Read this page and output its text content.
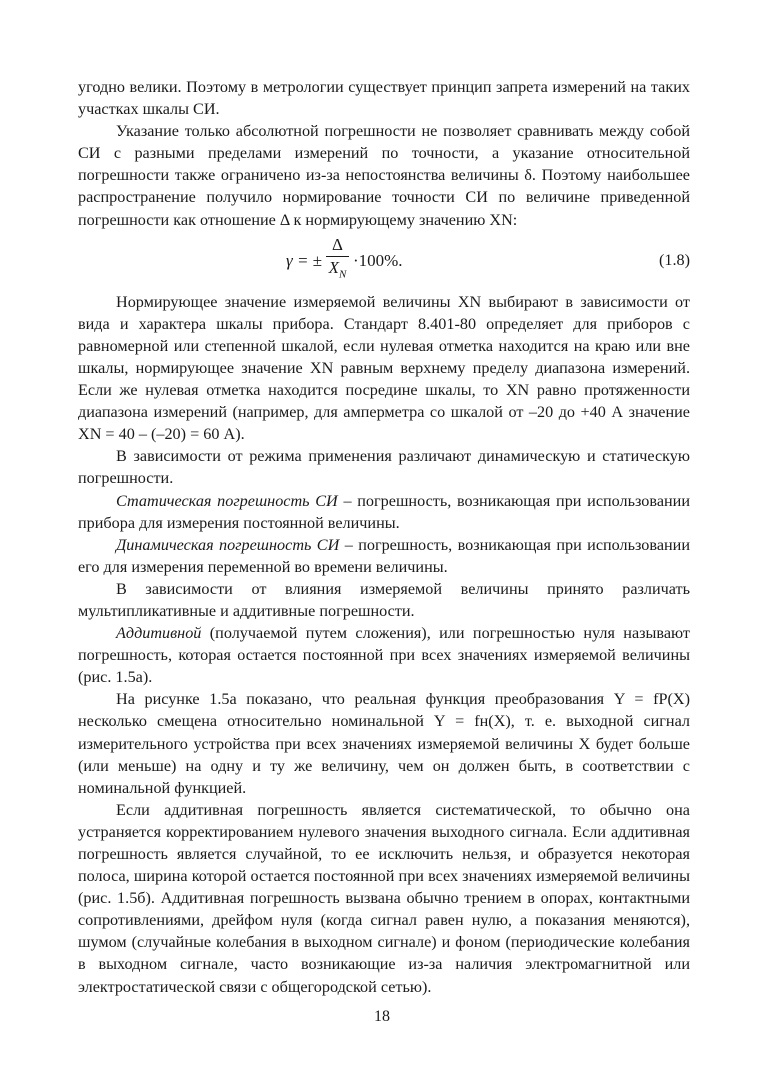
угодно велики. Поэтому в метрологии существует принцип запрета измерений на таких участках шкалы СИ.

Указание только абсолютной погрешности не позволяет сравнивать между собой СИ с разными пределами измерений по точности, а указание относительной погрешности также ограничено из-за непостоянства величины δ. Поэтому наибольшее распространение получило нормирование точности СИ по величине приведенной погрешности как отношение Δ к нормирующему значению XN:

γ = ± $\frac{\Delta}{X_N} \cdot 100\%$.	(1.8)

Нормирующее значение измеряемой величины XN выбирают в зависимости от вида и характера шкалы прибора. Стандарт 8.401-80 определяет для приборов с равномерной или степенной шкалой, если нулевая отметка находится на краю или вне шкалы, нормирующее значение XN равным верхнему пределу диапазона измерений. Если же нулевая отметка находится посредине шкалы, то XN равно протяженности диапазона измерений (например, для амперметра со шкалой от –20 до +40 А значение XN = 40 – (–20) = 60 А).

В зависимости от режима применения различают динамическую и статическую погрешности.

Статическая погрешность СИ – погрешность, возникающая при использовании прибора для измерения постоянной величины.

Динамическая погрешность СИ – погрешность, возникающая при использовании его для измерения переменной во времени величины.

В зависимости от влияния измеряемой величины принято различать мультипликативные и аддитивные погрешности.

Аддитивной (получаемой путем сложения), или погрешностью нуля называют погрешность, которая остается постоянной при всех значениях измеряемой величины (рис. 1.5а).

На рисунке 1.5а показано, что реальная функция преобразования Y = fР(X) несколько смещена относительно номинальной Y = fн(X), т. е. выходной сигнал измерительного устройства при всех значениях измеряемой величины X будет больше (или меньше) на одну и ту же величину, чем он должен быть, в соответствии с номинальной функцией.

Если аддитивная погрешность является систематической, то обычно она устраняется корректированием нулевого значения выходного сигнала. Если аддитивная погрешность является случайной, то ее исключить нельзя, и образуется некоторая полоса, ширина которой остается постоянной при всех значениях измеряемой величины (рис. 1.5б). Аддитивная погрешность вызвана обычно трением в опорах, контактными сопротивлениями, дрейфом нуля (когда сигнал равен нулю, а показания меняются), шумом (случайные колебания в выходном сигнале) и фоном (периодические колебания в выходном сигнале, часто возникающие из-за наличия электромагнитной или электростатической связи с общегородской сетью).

18
